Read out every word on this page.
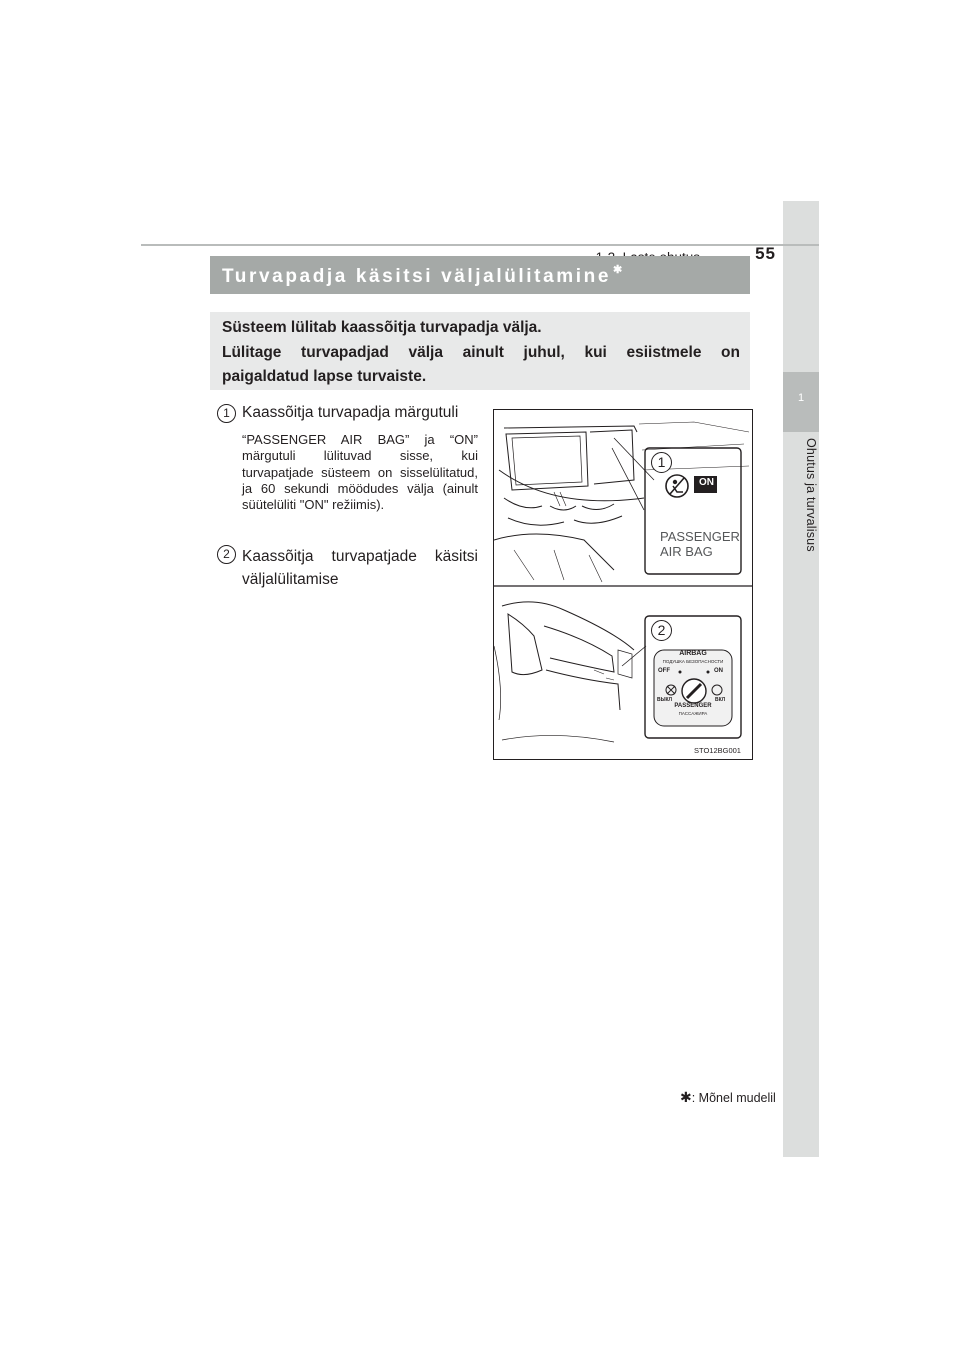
1
Ohutus ja turvalisus
55
Turvapadja käsitsi väljalülitamine ✱
Süsteem lülitab kaassõitja turvapadja välja.
Lülitage turvapadjad välja ainult juhul, kui esiistmele on
paigaldatud lapse turvaiste.
1 Kaassõitja turvapadja märgutuli
“PASSENGER AIR BAG” ja “ON” märgutuli lülituvad sisse, kui turvapatjade süsteem on sisselülitatud, ja 60 sekundi möödudes välja (ainult süütelüliti "ON" režiimis).
2 Kaassõitja turvapatjade käsitsi
väljalülitamise
1
2
ON
PASSENGER
AIR BAG
AIRBAG
ПОДУШКА БЕЗОПАСНОСТИ
OFF	ON
ВЫКЛ	ВКЛ
PASSENGER
ПАССАЖИРА
STO12BG001
✱: Mõnel mudelil
